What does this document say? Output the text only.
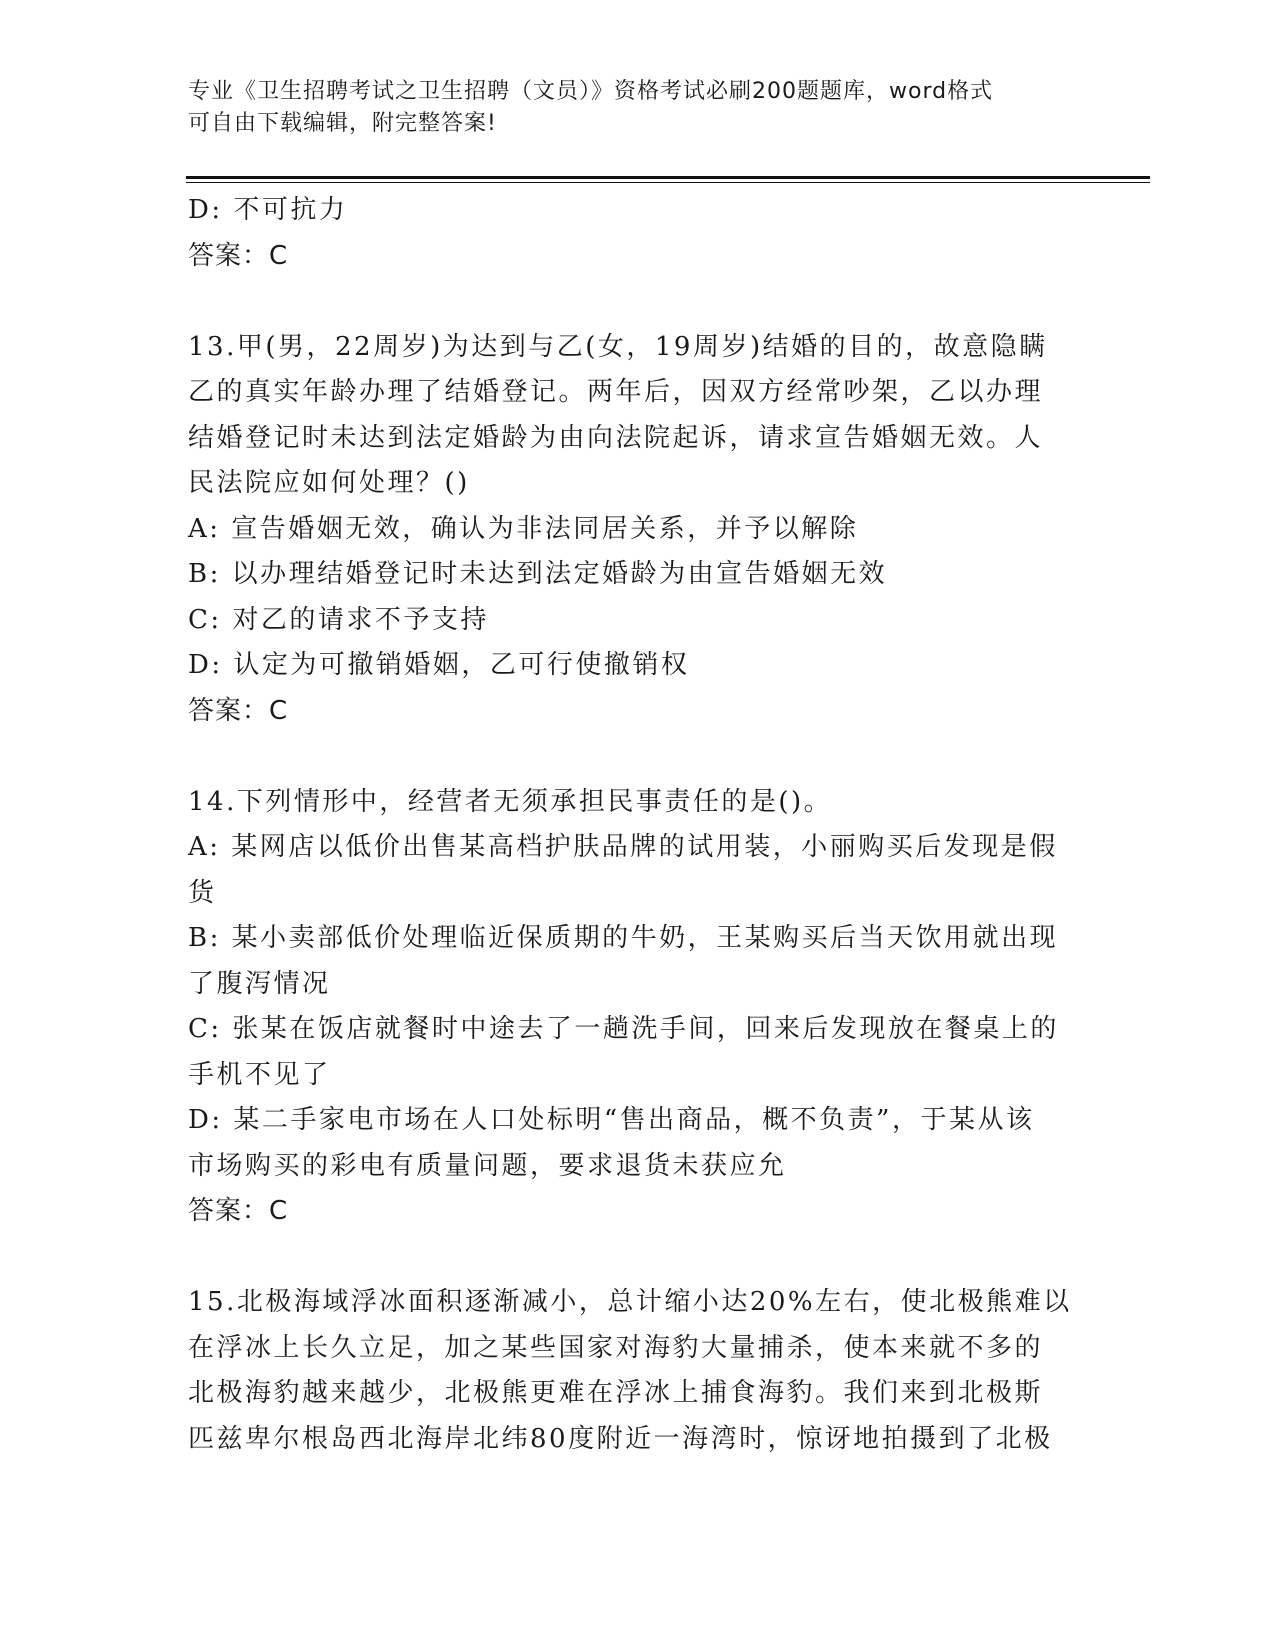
专业《卫生招聘考试之卫生招聘（文员）》资格考试必刷200题题库，word格式

可自由下载编辑，附完整答案!

D: 不可抗力

答案：C

13.甲(男，22周岁)为达到与乙(女，19周岁)结婚的目的，故意隐瞒

乙的真实年龄办理了结婚登记。两年后，因双方经常吵架，乙以办理

结婚登记时未达到法定婚龄为由向法院起诉，请求宣告婚姻无效。人

民法院应如何处理？()

A: 宣告婚姻无效，确认为非法同居关系，并予以解除

B: 以办理结婚登记时未达到法定婚龄为由宣告婚姻无效

C: 对乙的请求不予支持

D: 认定为可撤销婚姻，乙可行使撤销权

答案：C

14.下列情形中，经营者无须承担民事责任的是()。

A: 某网店以低价出售某高档护肤品牌的试用装，小丽购买后发现是假

货

B: 某小卖部低价处理临近保质期的牛奶，王某购买后当天饮用就出现

了腹泻情况

C: 张某在饭店就餐时中途去了一趟洗手间，回来后发现放在餐桌上的

手机不见了

D: 某二手家电市场在人口处标明“售出商品，概不负责”，于某从该

市场购买的彩电有质量问题，要求退货未获应允

答案：C

15.北极海域浮冰面积逐渐减小，总计缩小达20%左右，使北极熊难以

在浮冰上长久立足，加之某些国家对海豹大量捕杀，使本来就不多的

北极海豹越来越少，北极熊更难在浮冰上捕食海豹。我们来到北极斯

匹兹卑尔根岛西北海岸北纬80度附近一海湾时，惊讶地拍摄到了北极
